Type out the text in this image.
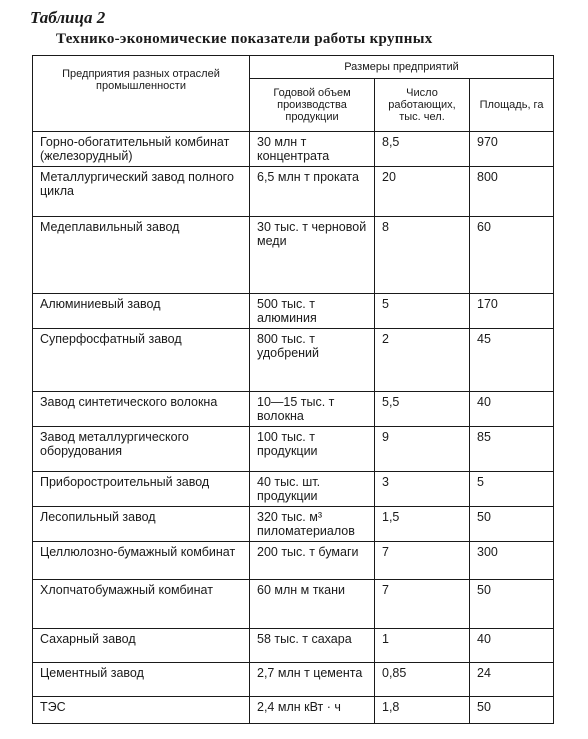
Таблица 2
Технико-экономические показатели работы крупных
Предприятия разных отраслей промышленности	Размеры предприятий		
	Годовой объем производства продукции	Число работающих, тыс. чел.	Площадь, га
Горно-обогатительный комбинат (железорудный)	30 млн т концентрата	8,5	970
Металлургический завод полного цикла	6,5 млн т проката	20	800
Медеплавильный завод	30 тыс. т черновой меди	8	60
Алюминиевый завод	500 тыс. т алюминия	5	170
Суперфосфатный завод	800 тыс. т удобрений	2	45
Завод синтетического волокна	10—15 тыс. т волокна	5,5	40
Завод металлургического оборудования	100 тыс. т продукции	9	85
Приборостроительный завод	40 тыс. шт. продукции	3	5
Лесопильный завод	320 тыс. м³ пиломатериалов	1,5	50
Целлюлозно-бумажный комбинат	200 тыс. т бумаги	7	300
Хлопчатобумажный комбинат	60 млн м ткани	7	50
Сахарный завод	58 тыс. т сахара	1	40
Цементный завод	2,7 млн т цемента	0,85	24
ТЭС	2,4 млн кВт · ч	1,8	50
